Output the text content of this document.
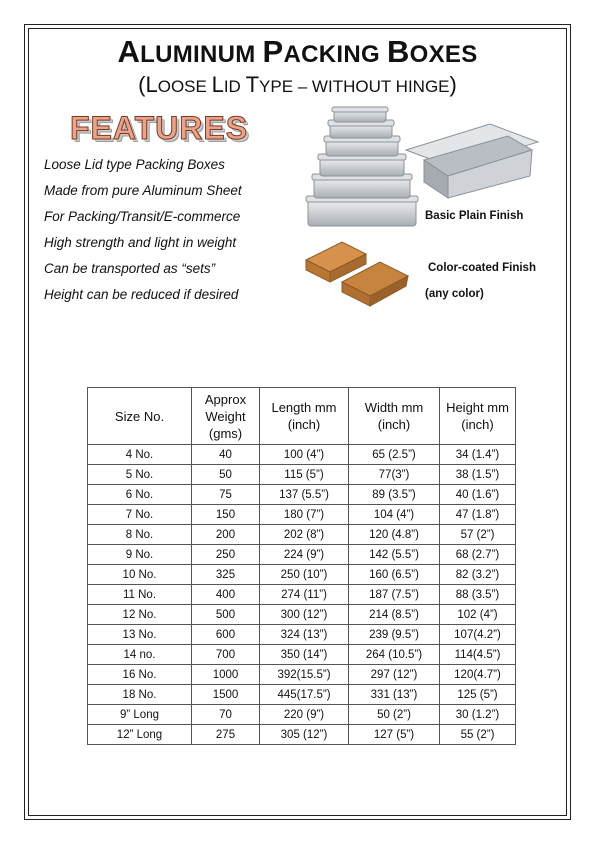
ALUMINUM PACKING BOXES
(LOOSE LID TYPE – WITHOUT HINGE)
FEATURES
Loose Lid type Packing Boxes
Made from pure Aluminum Sheet
For Packing/Transit/E-commerce
High strength and light in weight
Can be transported as “sets”
Height can be reduced if desired
Basic Plain Finish
Color-coated Finish
(any color)
Size No.	Approx Weight (gms)	Length mm (inch)	Width mm (inch)	Height mm (inch)
4 No.	40	100 (4”)	65 (2.5”)	34 (1.4”)
5 No.	50	115 (5”)	77(3”)	38 (1.5”)
6 No.	75	137 (5.5”)	89 (3.5”)	40 (1.6”)
7 No.	150	180 (7”)	104 (4”)	47 (1.8”)
8 No.	200	202 (8”)	120 (4.8”)	57 (2”)
9 No.	250	224 (9”)	142 (5.5”)	68 (2.7”)
10 No.	325	250 (10”)	160 (6.5”)	82 (3.2”)
11 No.	400	274 (11”)	187 (7.5”)	88 (3.5”)
12 No.	500	300 (12”)	214 (8.5”)	102 (4”)
13 No.	600	324 (13”)	239 (9.5”)	107(4.2”)
14 no.	700	350 (14”)	264 (10.5”)	114(4.5”)
16 No.	1000	392(15.5”)	297 (12”)	120(4.7”)
18 No.	1500	445(17.5”)	331 (13”)	125 (5”)
9” Long	70	220 (9”)	50 (2”)	30 (1.2”)
12” Long	275	305 (12”)	127 (5”)	55 (2”)
